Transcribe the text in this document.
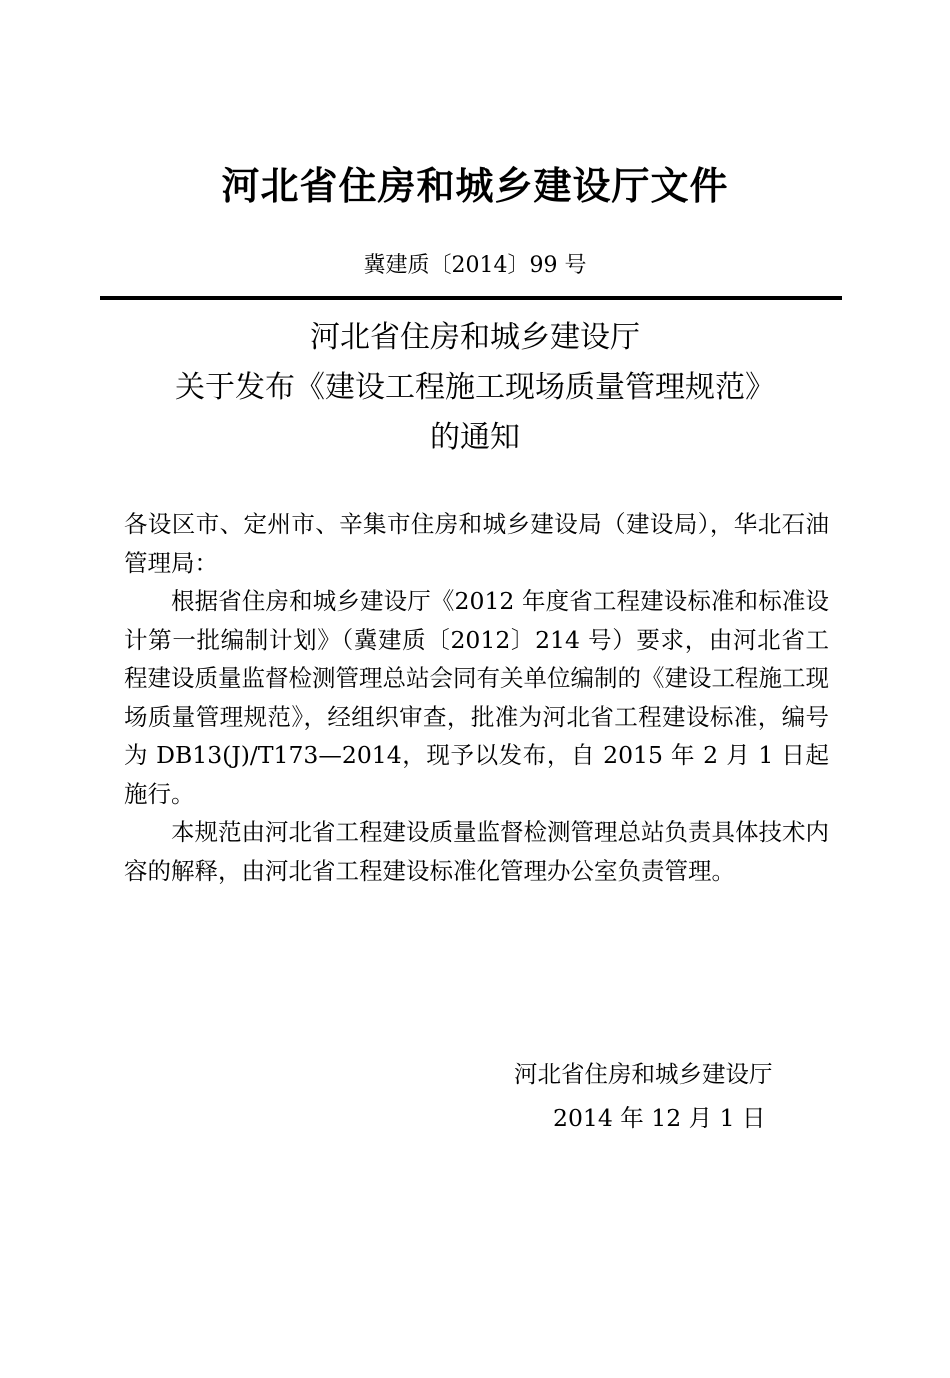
河北省住房和城乡建设厅文件
冀建质〔2014〕99 号
河北省住房和城乡建设厅
关于发布《建设工程施工现场质量管理规范》
的通知

各设区市、定州市、辛集市住房和城乡建设局（建设局），华北石油管理局：

根据省住房和城乡建设厅《2012 年度省工程建设标准和标准设计第一批编制计划》（冀建质〔2012〕214 号）要求，由河北省工程建设质量监督检测管理总站会同有关单位编制的《建设工程施工现场质量管理规范》，经组织审查，批准为河北省工程建设标准，编号为 DB13(J)/T173—2014，现予以发布，自 2015 年 2 月 1 日起施行。

本规范由河北省工程建设质量监督检测管理总站负责具体技术内容的解释，由河北省工程建设标准化管理办公室负责管理。

河北省住房和城乡建设厅
2014 年 12 月 1 日
